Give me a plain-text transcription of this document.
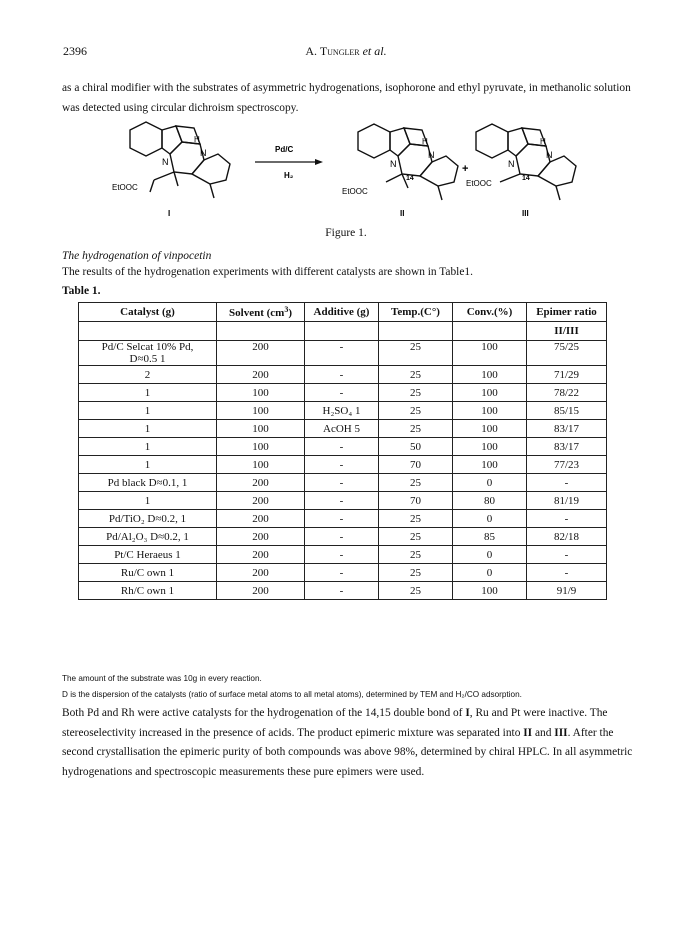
2396	A. Tungler et al.
as a chiral modifier with the substrates of asymmetric hydrogenations, isophorone and ethyl pyruvate, in methanolic solution was detected using circular dichroism spectroscopy.
H
N
N
EtOOC
I
Pd/C
H₂
H
N
N
14
EtOOC
II
+
H
N
N
14
EtOOC
III
Figure 1.
The hydrogenation of vinpocetin
The results of the hydrogenation experiments with different catalysts are shown in Table1.
Table 1.
Catalyst (g)	Solvent $(cm^3)$	Additive (g)	Temp.(C°)	Conv.(%)	Epimer ratio
					II/III

Pd/C Selcat 10% Pd,
D≈0.5 1	200	-	25	100	75/25
2	200	-	25	100	71/29
1	100	-	25	100	78/22
1	100	H₂SO₄ 1	25	100	85/15
1	100	AcOH 5	25	100	83/17
1	100	-	50	100	83/17
1	100	-	70	100	77/23
Pd black D≈0.1, 1	200	-	25	0	-
1	200	-	70	80	81/19
Pd/TiO₂ D≈0.2, 1	200	-	25	0	-
Pd/Al₂O₃ D≈0.2, 1	200	-	25	85	82/18
Pt/C Heraeus 1	200	-	25	0	-
Ru/C own 1	200	-	25	0	-
Rh/C own 1	200	-	25	100	91/9
The amount of the substrate was 10g in every reaction.
D is the dispersion of the catalysts (ratio of surface metal atoms to all metal atoms), determined by TEM and H₂/CO adsorption.
Both Pd and Rh were active catalysts for the hydrogenation of the 14,15 double bond of I, Ru and Pt were inactive. The stereoselectivity increased in the presence of acids. The product epimeric mixture was separated into II and III. After the second crystallisation the epimeric purity of both compounds was above 98%, determined by chiral HPLC. In all asymmetric hydrogenations and spectroscopic measurements these pure epimers were used.
